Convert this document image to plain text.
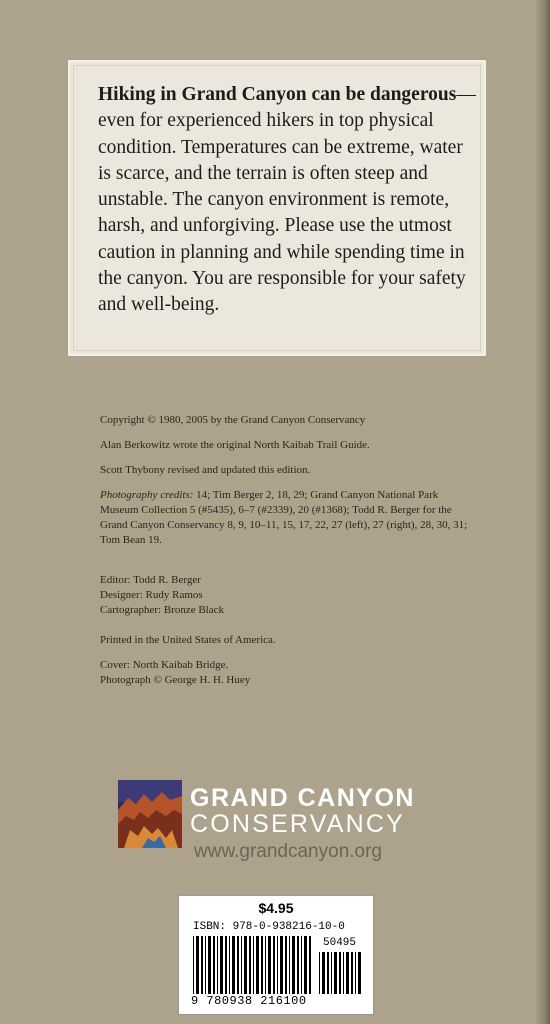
Hiking in Grand Canyon can be dangerous—even for experienced hikers in top physical condition. Temperatures can be extreme, water is scarce, and the terrain is often steep and unstable. The canyon environment is remote, harsh, and unforgiving. Please use the utmost caution in planning and while spending time in the canyon. You are responsible for your safety and well-being.

Copyright © 1980, 2005 by the Grand Canyon Conservancy

Alan Berkowitz wrote the original North Kaibab Trail Guide.

Scott Thybony revised and updated this edition.

Photography credits: 14; Tim Berger 2, 18, 29; Grand Canyon National Park Museum Collection 5 (#5435), 6–7 (#2339), 20 (#1368); Todd R. Berger for the Grand Canyon Conservancy 8, 9, 10–11, 15, 17, 22, 27 (left), 27 (right), 28, 30, 31; Tom Bean 19.

Editor: Todd R. Berger

Designer: Rudy Ramos

Cartographer: Bronze Black

Printed in the United States of America.

Cover: North Kaibab Bridge.

Photograph © George H. H. Huey

GRAND CANYON
CONSERVANCY
www.grandcanyon.org
$4.95
ISBN: 978-0-938216-10-0
50495
9 780938 216100
